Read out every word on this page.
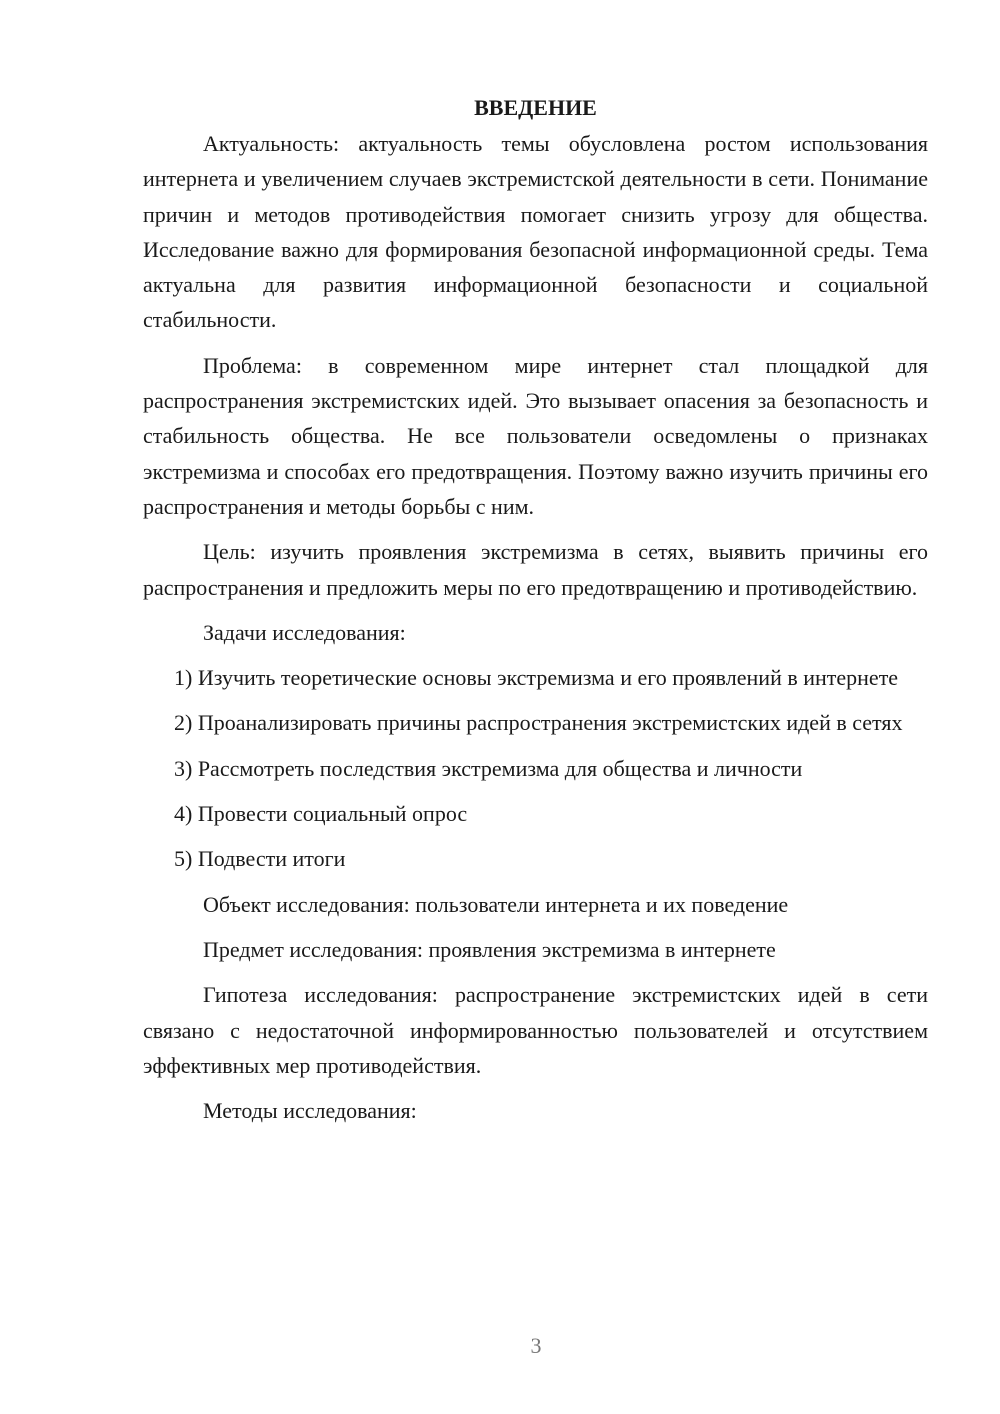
ВВЕДЕНИЕ

Актуальность: актуальность темы обусловлена ростом использования интернета и увеличением случаев экстремистской деятельности в сети. Понимание причин и методов противодействия помогает снизить угрозу для общества. Исследование важно для формирования безопасной информационной среды. Тема актуальна для развития информационной безопасности и социальной стабильности.

Проблема: в современном мире интернет стал площадкой для распространения экстремистских идей. Это вызывает опасения за безопасность и стабильность общества. Не все пользователи осведомлены о признаках экстремизма и способах его предотвращения. Поэтому важно изучить причины его распространения и методы борьбы с ним.

Цель: изучить проявления экстремизма в сетях, выявить причины его распространения и предложить меры по его предотвращению и противодействию.

Задачи исследования:

1) Изучить теоретические основы экстремизма и его проявлений в интернете

2) Проанализировать причины распространения экстремистских идей в сетях

3) Рассмотреть последствия экстремизма для общества и личности

4) Провести социальный опрос

5) Подвести итоги

Объект исследования: пользователи интернета и их поведение

Предмет исследования: проявления экстремизма в интернете

Гипотеза исследования: распространение экстремистских идей в сети связано с недостаточной информированностью пользователей и отсутствием эффективных мер противодействия.

Методы исследования:

3
